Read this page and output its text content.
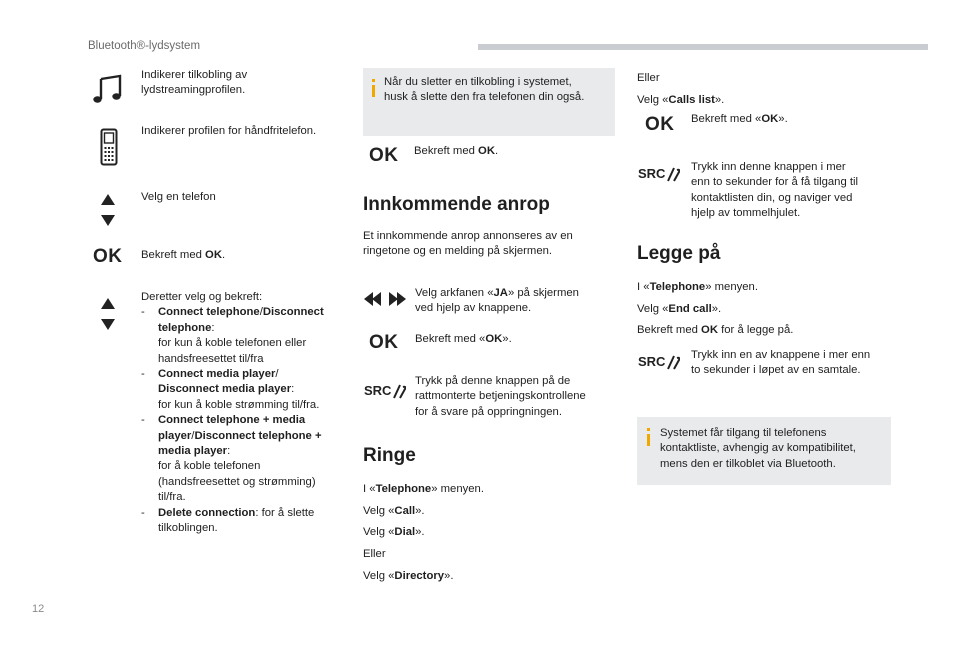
Bluetooth®-lydsystem
Indikerer tilkobling av
lydstreamingprofilen.
Indikerer profilen for håndfritelefon.
Velg en telefon
OK Bekreft med OK.
Deretter velg og bekreft:
- Connect telephone/Disconnect
telephone:
for kun å koble telefonen eller
handsfreesettet til/fra
- Connect media player/
Disconnect media player:
for kun å koble strømming til/fra.
- Connect telephone + media
player/Disconnect telephone +
media player:
for å koble telefonen
(handsfreesettet og strømming)
til/fra.
- Delete connection: for å slette
tilkoblingen.
Når du sletter en tilkobling i systemet,
husk å slette den fra telefonen din også.
OK Bekreft med OK.
Innkommende anrop
Et innkommende anrop annonseres av en
ringetone og en melding på skjermen.
Velg arkfanen «JA» på skjermen
ved hjelp av knappene.
OK Bekreft med «OK».
SRC
Trykk på denne knappen på de
rattmonterte betjeningskontrollene
for å svare på oppringningen.
Ringe
I «Telephone» menyen.
Velg «Call».
Velg «Dial».
Eller
Velg «Directory».
Eller
Velg «Calls list».
OK Bekreft med «OK».
SRC Trykk inn denne knappen i mer
enn to sekunder for å få tilgang til
kontaktlisten din, og naviger ved
hjelp av tommelhjulet.
Legge på
I «Telephone» menyen.
Velg «End call».
Bekreft med OK for å legge på.
SRC Trykk inn en av knappene i mer enn
to sekunder i løpet av en samtale.
Systemet får tilgang til telefonens
kontaktliste, avhengig av kompatibilitet,
mens den er tilkoblet via Bluetooth.
12
